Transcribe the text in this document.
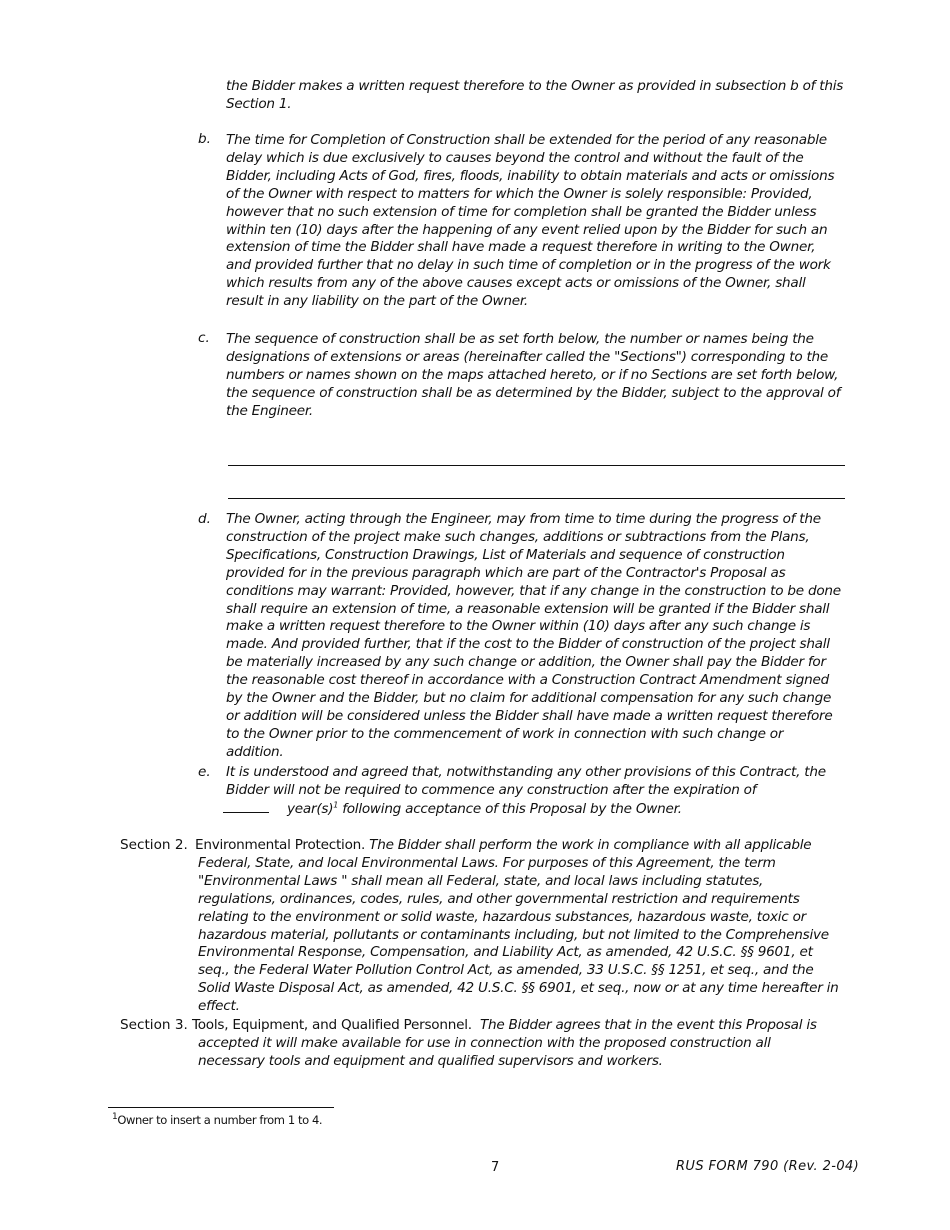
the Bidder makes a written request therefore to the Owner as provided in subsection b of this Section 1.
b. The time for Completion of Construction shall be extended for the period of any reasonable delay which is due exclusively to causes beyond the control and without the fault of the Bidder, including Acts of God, fires, floods, inability to obtain materials and acts or omissions of the Owner with respect to matters for which the Owner is solely responsible: Provided, however that no such extension of time for completion shall be granted the Bidder unless within ten (10) days after the happening of any event relied upon by the Bidder for such an extension of time the Bidder shall have made a request therefore in writing to the Owner, and provided further that no delay in such time of completion or in the progress of the work which results from any of the above causes except acts or omissions of the Owner, shall result in any liability on the part of the Owner.
c. The sequence of construction shall be as set forth below, the number or names being the designations of extensions or areas (hereinafter called the "Sections") corresponding to the numbers or names shown on the maps attached hereto, or if no Sections are set forth below, the sequence of construction shall be as determined by the Bidder, subject to the approval of the Engineer.
d. The Owner, acting through the Engineer, may from time to time during the progress of the construction of the project make such changes, additions or subtractions from the Plans, Specifications, Construction Drawings, List of Materials and sequence of construction provided for in the previous paragraph which are part of the Contractor's Proposal as conditions may warrant: Provided, however, that if any change in the construction to be done shall require an extension of time, a reasonable extension will be granted if the Bidder shall make a written request therefore to the Owner within (10) days after any such change is made. And provided further, that if the cost to the Bidder of construction of the project shall be materially increased by any such change or addition, the Owner shall pay the Bidder for the reasonable cost thereof in accordance with a Construction Contract Amendment signed by the Owner and the Bidder, but no claim for additional compensation for any such change or addition will be considered unless the Bidder shall have made a written request therefore to the Owner prior to the commencement of work in connection with such change or addition.
e. It is understood and agreed that, notwithstanding any other provisions of this Contract, the Bidder will not be required to commence any construction after the expiration of
$year(s)^1$ following acceptance of this Proposal by the Owner.
Section 2. Environmental Protection. The Bidder shall perform the work in compliance with all applicable Federal, State, and local Environmental Laws. For purposes of this Agreement, the term "Environmental Laws " shall mean all Federal, state, and local laws including statutes, regulations, ordinances, codes, rules, and other governmental restriction and requirements relating to the environment or solid waste, hazardous substances, hazardous waste, toxic or hazardous material, pollutants or contaminants including, but not limited to the Comprehensive Environmental Response, Compensation, and Liability Act, as amended, 42 U.S.C. §§ 9601, et seq., the Federal Water Pollution Control Act, as amended, 33 U.S.C. §§ 1251, et seq., and the Solid Waste Disposal Act, as amended, 42 U.S.C. §§ 6901, et seq., now or at any time hereafter in effect.
Section 3. Tools, Equipment, and Qualified Personnel. The Bidder agrees that in the event this Proposal is accepted it will make available for use in connection with the proposed construction all necessary tools and equipment and qualified supervisors and workers.
$^1$Owner to insert a number from 1 to 4.
7	RUS FORM 790 (Rev. 2-04)
